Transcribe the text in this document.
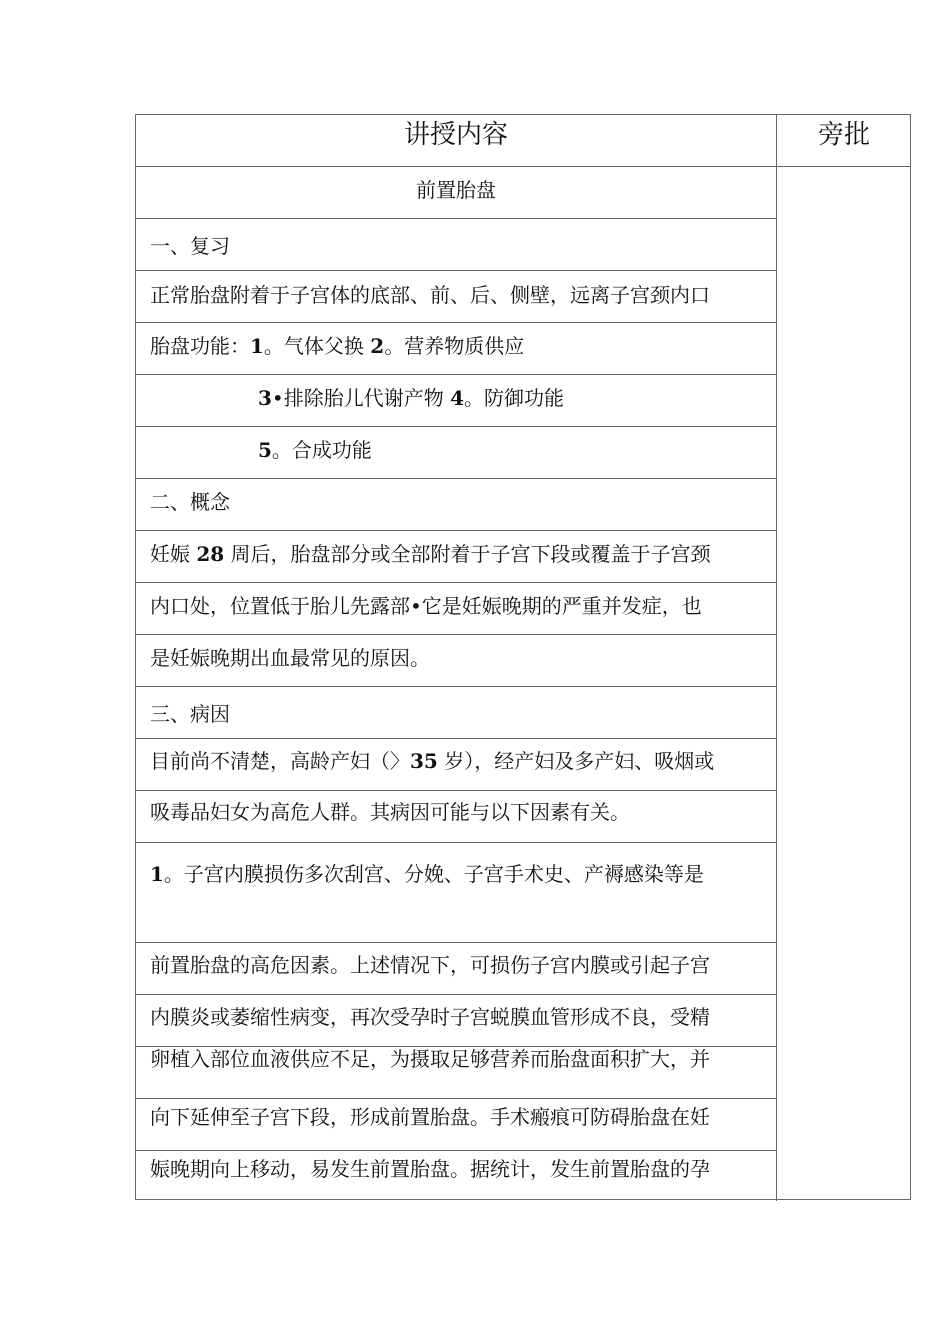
讲授内容	旁批
前置胎盘
一、复习
正常胎盘附着于子宫体的底部、前、后、侧壁，远离子宫颈内口
胎盘功能：1。气体父换 2。营养物质供应
3•排除胎儿代谢产物 4。防御功能
5。合成功能
二、概念
妊娠 28 周后，胎盘部分或全部附着于子宫下段或覆盖于子宫颈
内口处，位置低于胎儿先露部•它是妊娠晚期的严重并发症，也
是妊娠晚期出血最常见的原因。
三、病因
目前尚不清楚，高龄产妇（〉35 岁），经产妇及多产妇、吸烟或
吸毒品妇女为高危人群。其病因可能与以下因素有关。
1。子宫内膜损伤多次刮宫、分娩、子宫手术史、产褥感染等是
前置胎盘的高危因素。上述情况下，可损伤子宫内膜或引起子宫
内膜炎或萎缩性病变，再次受孕时子宫蜕膜血管形成不良，受精
卵植入部位血液供应不足，为摄取足够营养而胎盘面积扩大，并
向下延伸至子宫下段，形成前置胎盘。手术瘢痕可防碍胎盘在妊
娠晚期向上移动，易发生前置胎盘。据统计，发生前置胎盘的孕
